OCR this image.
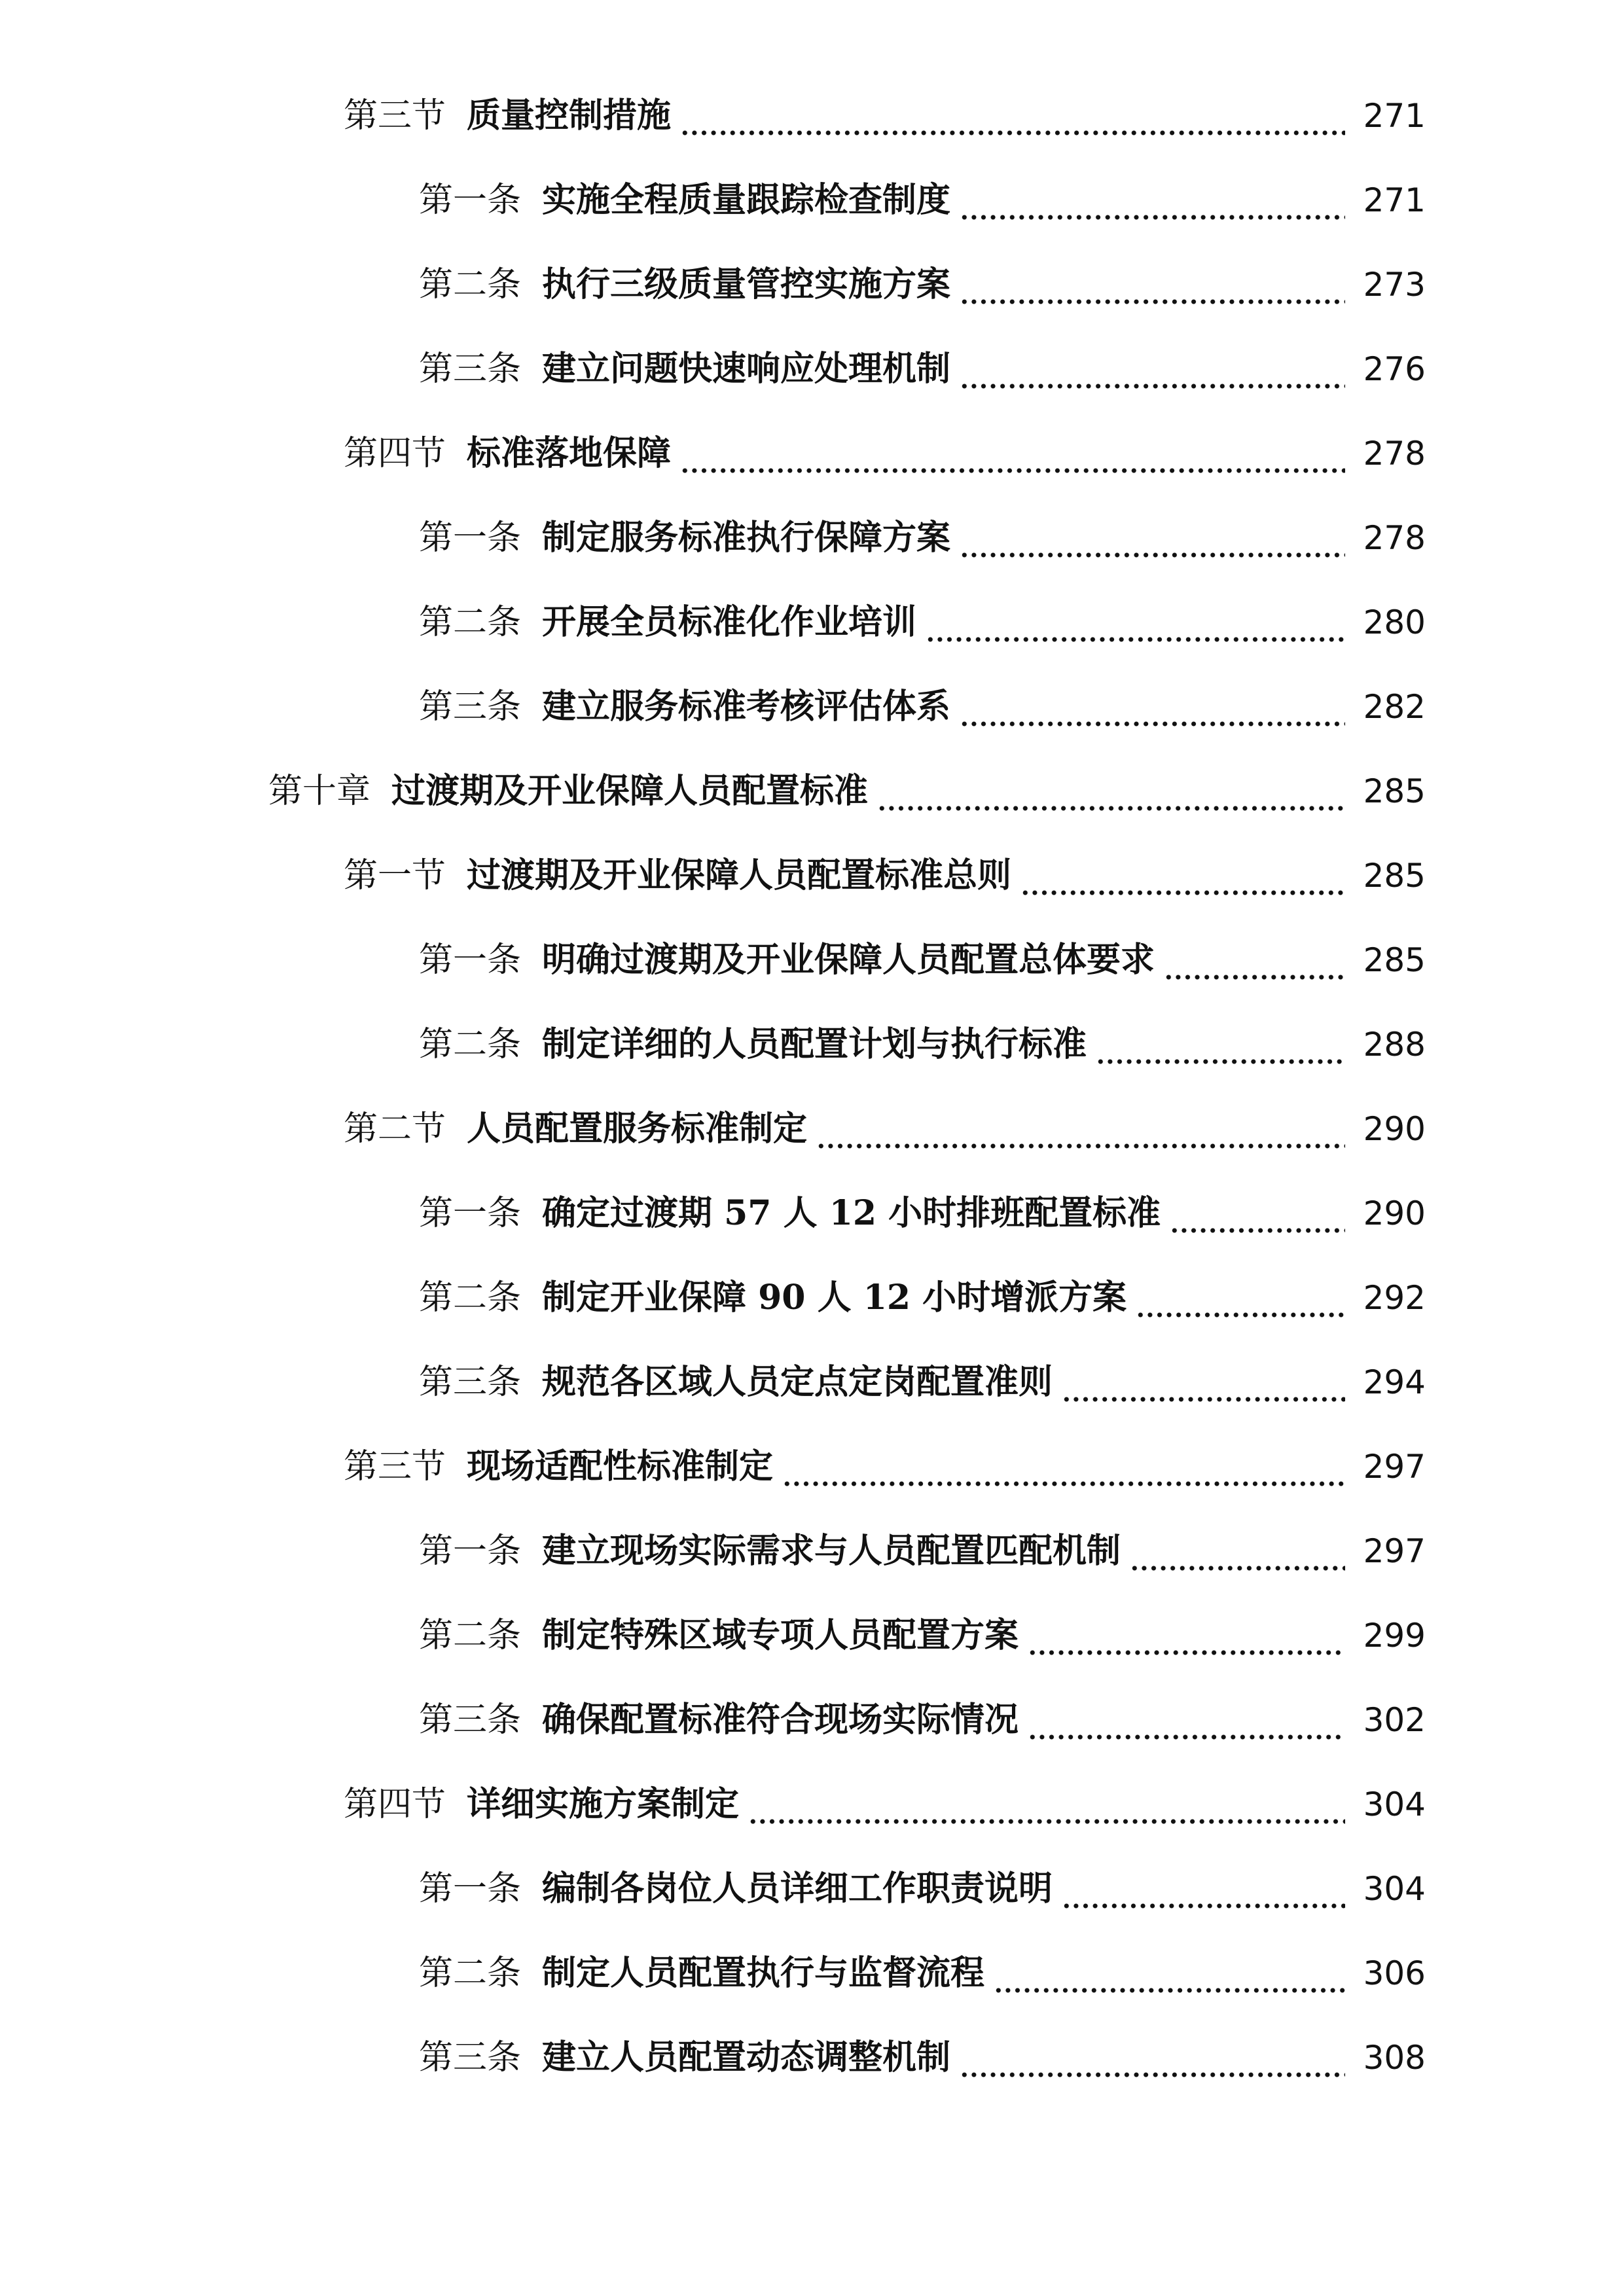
第三节 质量控制措施	271
第一条 实施全程质量跟踪检查制度	271
第二条 执行三级质量管控实施方案	273
第三条 建立问题快速响应处理机制	276
第四节 标准落地保障	278
第一条 制定服务标准执行保障方案	278
第二条 开展全员标准化作业培训	280
第三条 建立服务标准考核评估体系	282
第十章 过渡期及开业保障人员配置标准	285
第一节 过渡期及开业保障人员配置标准总则	285
第一条 明确过渡期及开业保障人员配置总体要求	285
第二条 制定详细的人员配置计划与执行标准	288
第二节 人员配置服务标准制定	290
第一条 确定过渡期 57 人 12 小时排班配置标准	290
第二条 制定开业保障 90 人 12 小时增派方案	292
第三条 规范各区域人员定点定岗配置准则	294
第三节 现场适配性标准制定	297
第一条 建立现场实际需求与人员配置匹配机制	297
第二条 制定特殊区域专项人员配置方案	299
第三条 确保配置标准符合现场实际情况	302
第四节 详细实施方案制定	304
第一条 编制各岗位人员详细工作职责说明	304
第二条 制定人员配置执行与监督流程	306
第三条 建立人员配置动态调整机制	308
